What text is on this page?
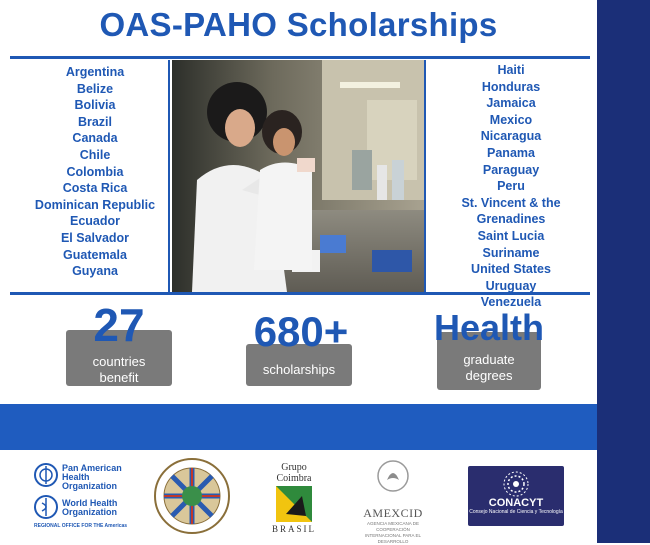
OAS-PAHO Scholarships
Argentina
Belize
Bolivia
Brazil
Canada
Chile
Colombia
Costa Rica
Dominican Republic
Ecuador
El Salvador
Guatemala
Guyana
Haiti
Honduras
Jamaica
Mexico
Nicaragua
Panama
Paraguay
Peru
St. Vincent & the Grenadines
Saint Lucia
Suriname
United States
Uruguay
Venezuela
countries
benefit
27
scholarships
680+
graduate
degrees
Health
Pan American
Health
Organization
World Health
Organization
REGIONAL OFFICE FOR THE Americas
Grupo
Coimbra
BRASIL
AMEXCID
AGENCIA MEXICANA DE COOPERACIÓN
INTERNACIONAL PARA EL DESARROLLO
CONACYT
Consejo Nacional de Ciencia y Tecnología
